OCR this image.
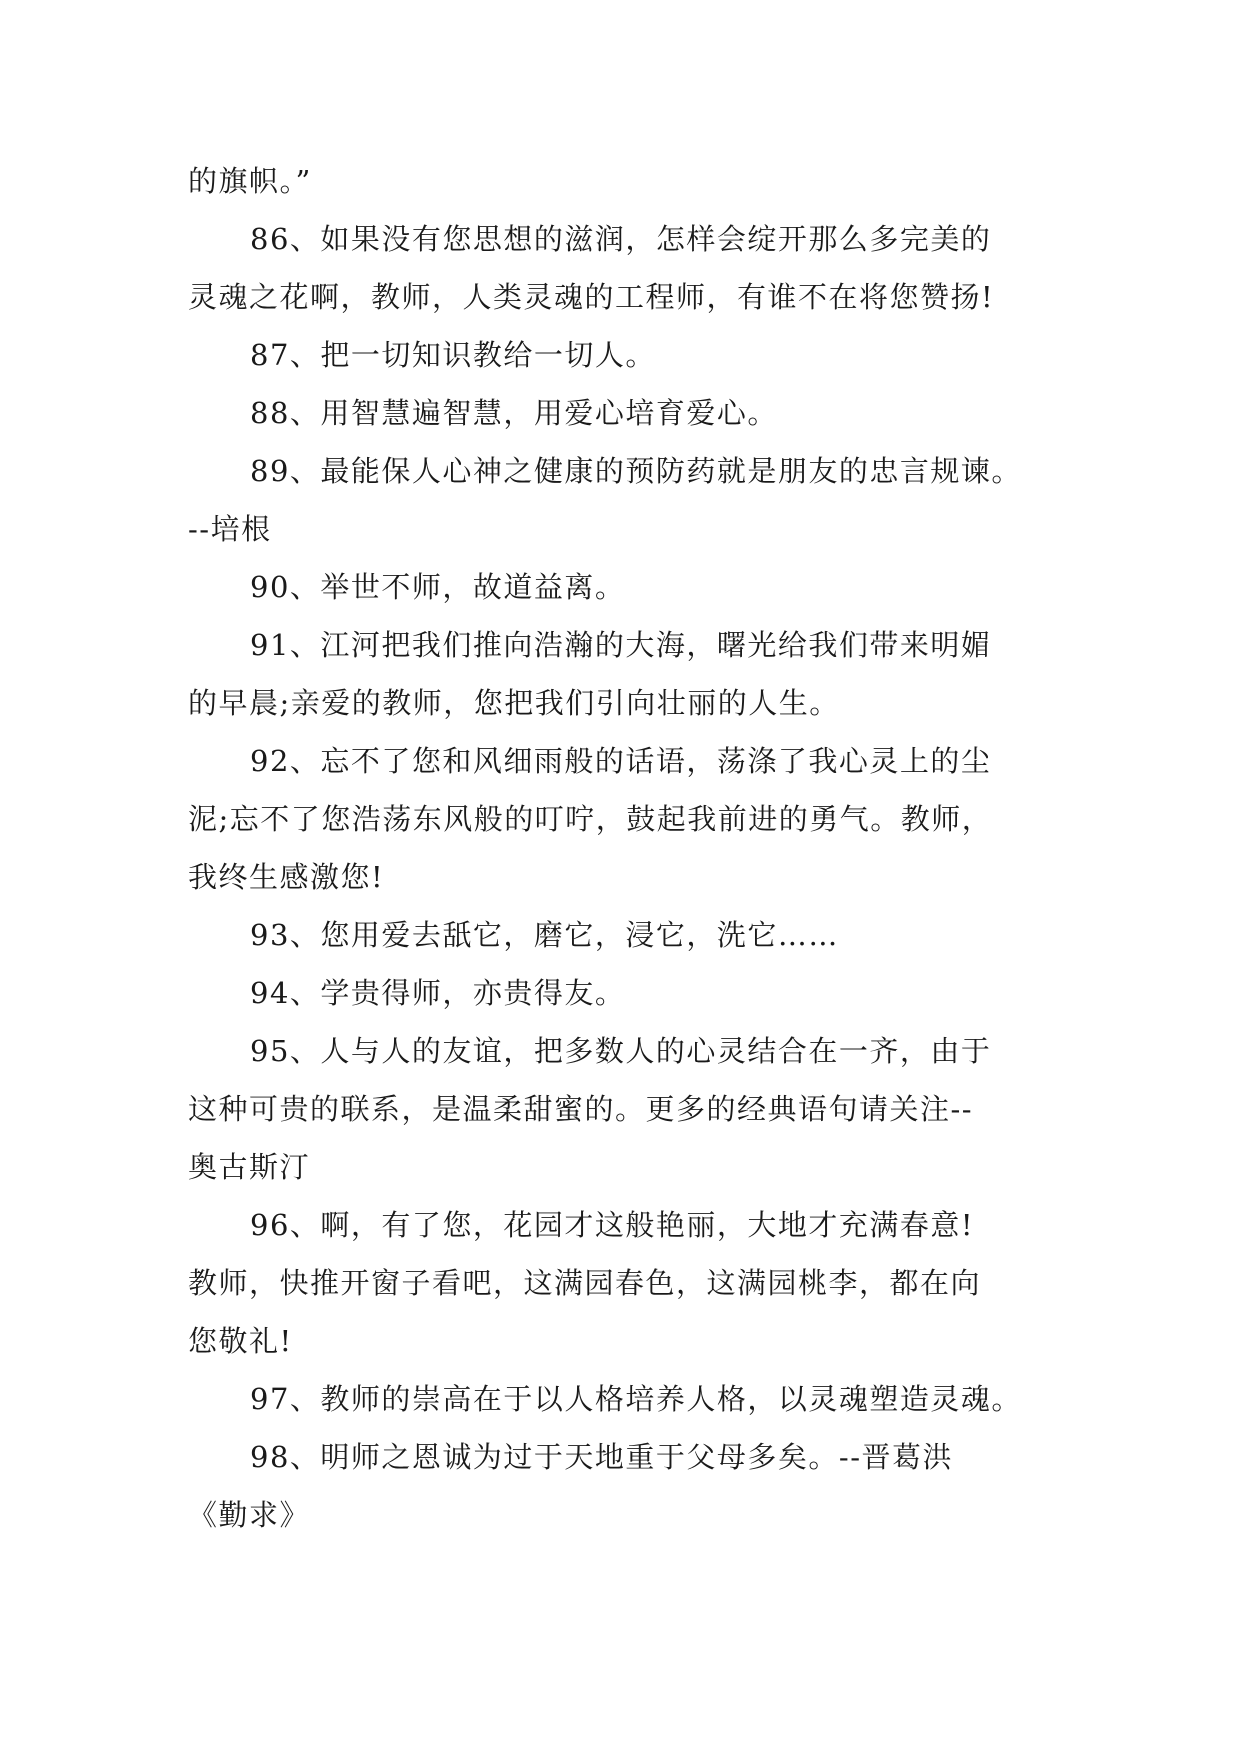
的旗帜。”
86、如果没有您思想的滋润，怎样会绽开那么多完美的
灵魂之花啊，教师，人类灵魂的工程师，有谁不在将您赞扬!
87、把一切知识教给一切人。
88、用智慧遍智慧，用爱心培育爱心。
89、最能保人心神之健康的预防药就是朋友的忠言规谏。
--培根
90、举世不师，故道益离。
91、江河把我们推向浩瀚的大海，曙光给我们带来明媚
的早晨;亲爱的教师，您把我们引向壮丽的人生。
92、忘不了您和风细雨般的话语，荡涤了我心灵上的尘
泥;忘不了您浩荡东风般的叮咛，鼓起我前进的勇气。教师，
我终生感激您!
93、您用爱去舐它，磨它，浸它，洗它……
94、学贵得师，亦贵得友。
95、人与人的友谊，把多数人的心灵结合在一齐，由于
这种可贵的联系，是温柔甜蜜的。更多的经典语句请关注--
奥古斯汀
96、啊，有了您，花园才这般艳丽，大地才充满春意!
教师，快推开窗子看吧，这满园春色，这满园桃李，都在向
您敬礼!
97、教师的崇高在于以人格培养人格，以灵魂塑造灵魂。
98、明师之恩诚为过于天地重于父母多矣。--晋葛洪
《勤求》
